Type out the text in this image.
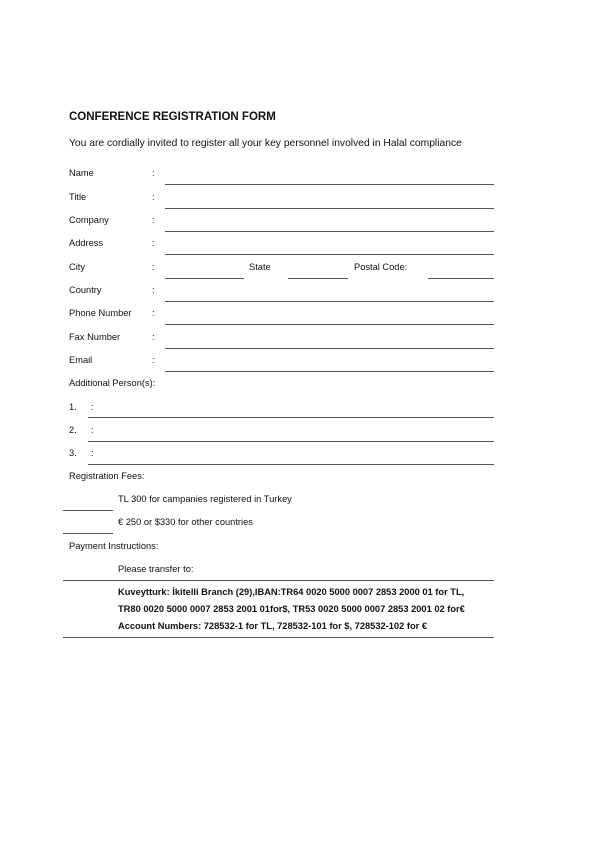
CONFERENCE REGISTRATION FORM
You are cordially invited to register all your key personnel involved in Halal compliance
Name	:
Title	:
Company	:
Address	:
City	:	State	Postal Code:
Country	:
Phone Number :
Fax Number	:
Email	:
Additional Person(s):
1. :
2. :
3. :
Registration Fees:
TL 300 for campanies registered in Turkey
€ 250 or $330 for other countries
Payment Instructions:
Please transfer to:
Kuveytturk: İkitelli Branch (29),IBAN:TR64 0020 5000 0007 2853 2000 01 for TL,
TR80 0020 5000 0007 2853 2001 01for$, TR53 0020 5000 0007 2853 2001 02 for€
Account Numbers: 728532-1 for TL, 728532-101 for $, 728532-102 for €
